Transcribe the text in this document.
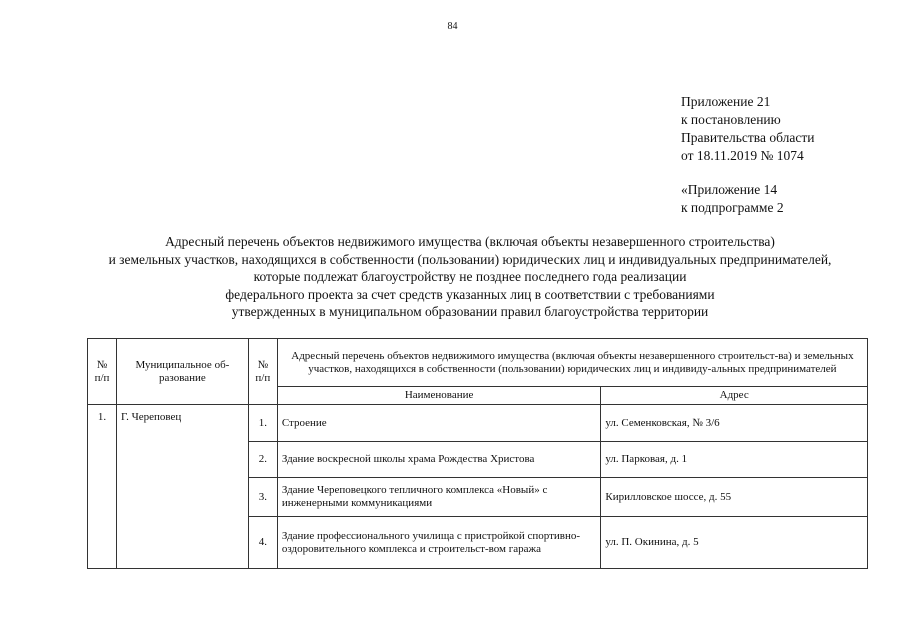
84
Приложение 21
к постановлению
Правительства области
от 18.11.2019 № 1074
«Приложение 14
к подпрограмме 2
Адресный перечень объектов недвижимого имущества (включая объекты незавершенного строительства)
и земельных участков, находящихся в собственности (пользовании) юридических лиц и индивидуальных предпринимателей,
которые подлежат благоустройству не позднее последнего года реализации
федерального проекта за счет средств указанных лиц в соответствии с требованиями
утвержденных в муниципальном образовании правил благоустройства территории
№ п/п	Муниципальное об-разование	№ п/п	Адресный перечень объектов недвижимого имущества (включая объекты незавершенного строительст-ва) и земельных участков, находящихся в собственности (пользовании) юридических лиц и индивиду-альных предпринимателей	
			Наименование	Адрес
1.	Г. Череповец	1.	Строение	ул. Семенковская, № 3/6
		2.	Здание воскресной школы храма Рождества Христова	ул. Парковая, д. 1
		3.	Здание Череповецкого тепличного комплекса «Новый» с инженерными коммуникациями	Кирилловское шоссе, д. 55
		4.	Здание профессионального училища с пристройкой спортивно-оздоровительного комплекса и строительст-вом гаража	ул. П. Окинина, д. 5
